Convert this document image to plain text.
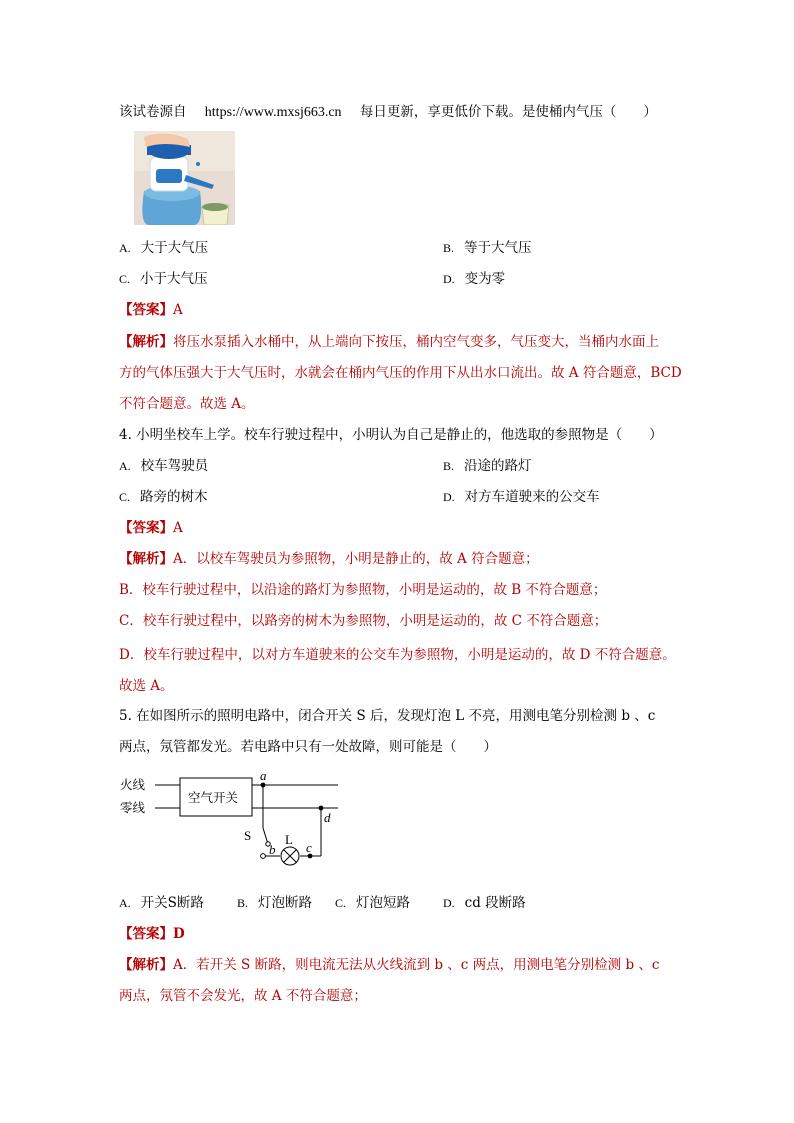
该试卷源自 https://www.mxsj663.cn 每日更新，享更低价下载。是使桶内气压（　　）
A. 大于大气压	B. 等于大气压
C. 小于大气压	D. 变为零
【答案】A
【解析】将压水泵插入水桶中，从上端向下按压，桶内空气变多，气压变大，当桶内水面上
方的气体压强大于大气压时，水就会在桶内气压的作用下从出水口流出。故 A 符合题意，BCD
不符合题意。故选 A。
4. 小明坐校车上学。校车行驶过程中，小明认为自己是静止的，他选取的参照物是（　　）
A. 校车驾驶员	B. 沿途的路灯
C. 路旁的树木	D. 对方车道驶来的公交车
【答案】A
【解析】A．以校车驾驶员为参照物，小明是静止的，故 A 符合题意；
B．校车行驶过程中，以沿途的路灯为参照物，小明是运动的，故 B 不符合题意；
C．校车行驶过程中，以路旁的树木为参照物，小明是运动的，故 C 不符合题意；
D．校车行驶过程中，以对方车道驶来的公交车为参照物，小明是运动的，故 D 不符合题意。
故选 A。
5. 在如图所示的照明电路中，闭合开关 S 后，发现灯泡 L 不亮，用测电笔分别检测 b 、c
两点，氖管都发光。若电路中只有一处故障，则可能是（　　）
火线
零线
空气开关
a
d
S	L
b c
A. 开关S断路	B. 灯泡断路 C. 灯泡短路	D. cd 段断路
【答案】D
【解析】A．若开关 S 断路，则电流无法从火线流到 b 、c 两点，用测电笔分别检测 b 、c
两点，氖管不会发光，故 A 不符合题意；
